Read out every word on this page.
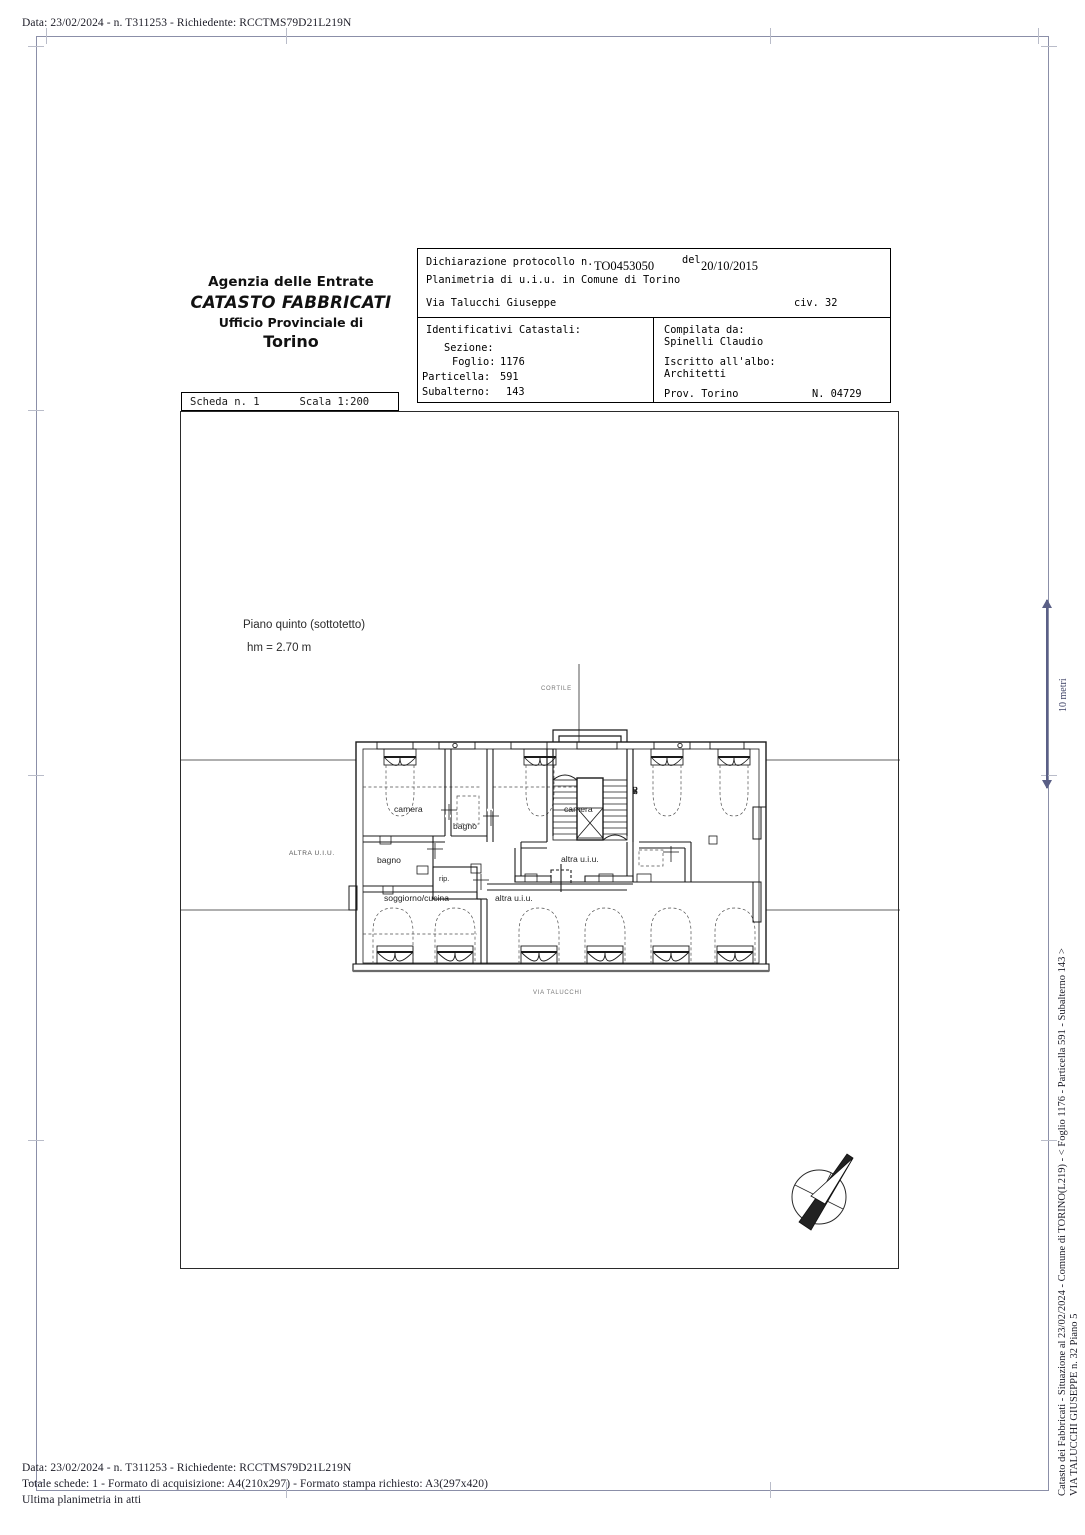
Data: 23/02/2024 - n. T311253 - Richiedente: RCCTMS79D21L219N
Data: 23/02/2024 - n. T311253 - Richiedente: RCCTMS79D21L219N
Totale schede: 1 - Formato di acquisizione: A4(210x297) - Formato stampa richiesto: A3(297x420)
Ultima planimetria in atti
Catasto dei Fabbricati - Situazione al 23/02/2024 - Comune di TORINO(L219) - < Foglio 1176 - Particella 591 - Subalterno 143 > VIA TALUCCHI GIUSEPPE n. 32 Piano 5
10 metri
Agenzia delle Entrate
CATASTO FABBRICATI
Ufficio Provinciale di
Torino
Scheda n. 1	Scala 1:200
Dichiarazione protocollo n. TO0453050	del 20/10/2015
Planimetria di u.i.u. in Comune di Torino
Via Talucchi Giuseppe	civ. 32
Identificativi Catastali:
Sezione:
Foglio: 1176
Particella: 591
Subalterno: 143
Compilata da:
Spinelli Claudio
Iscritto all'albo:
Architetti
Prov. Torino	N. 04729
Piano quinto (sottotetto)
hm = 2.70 m
CORTILE
VIA TALUCCHI
ALTRA U.I.U.
SC
camera	camera
bagno
bagno
rip.
soggiorno/cucina	altra u.i.u.
altra u.i.u.
